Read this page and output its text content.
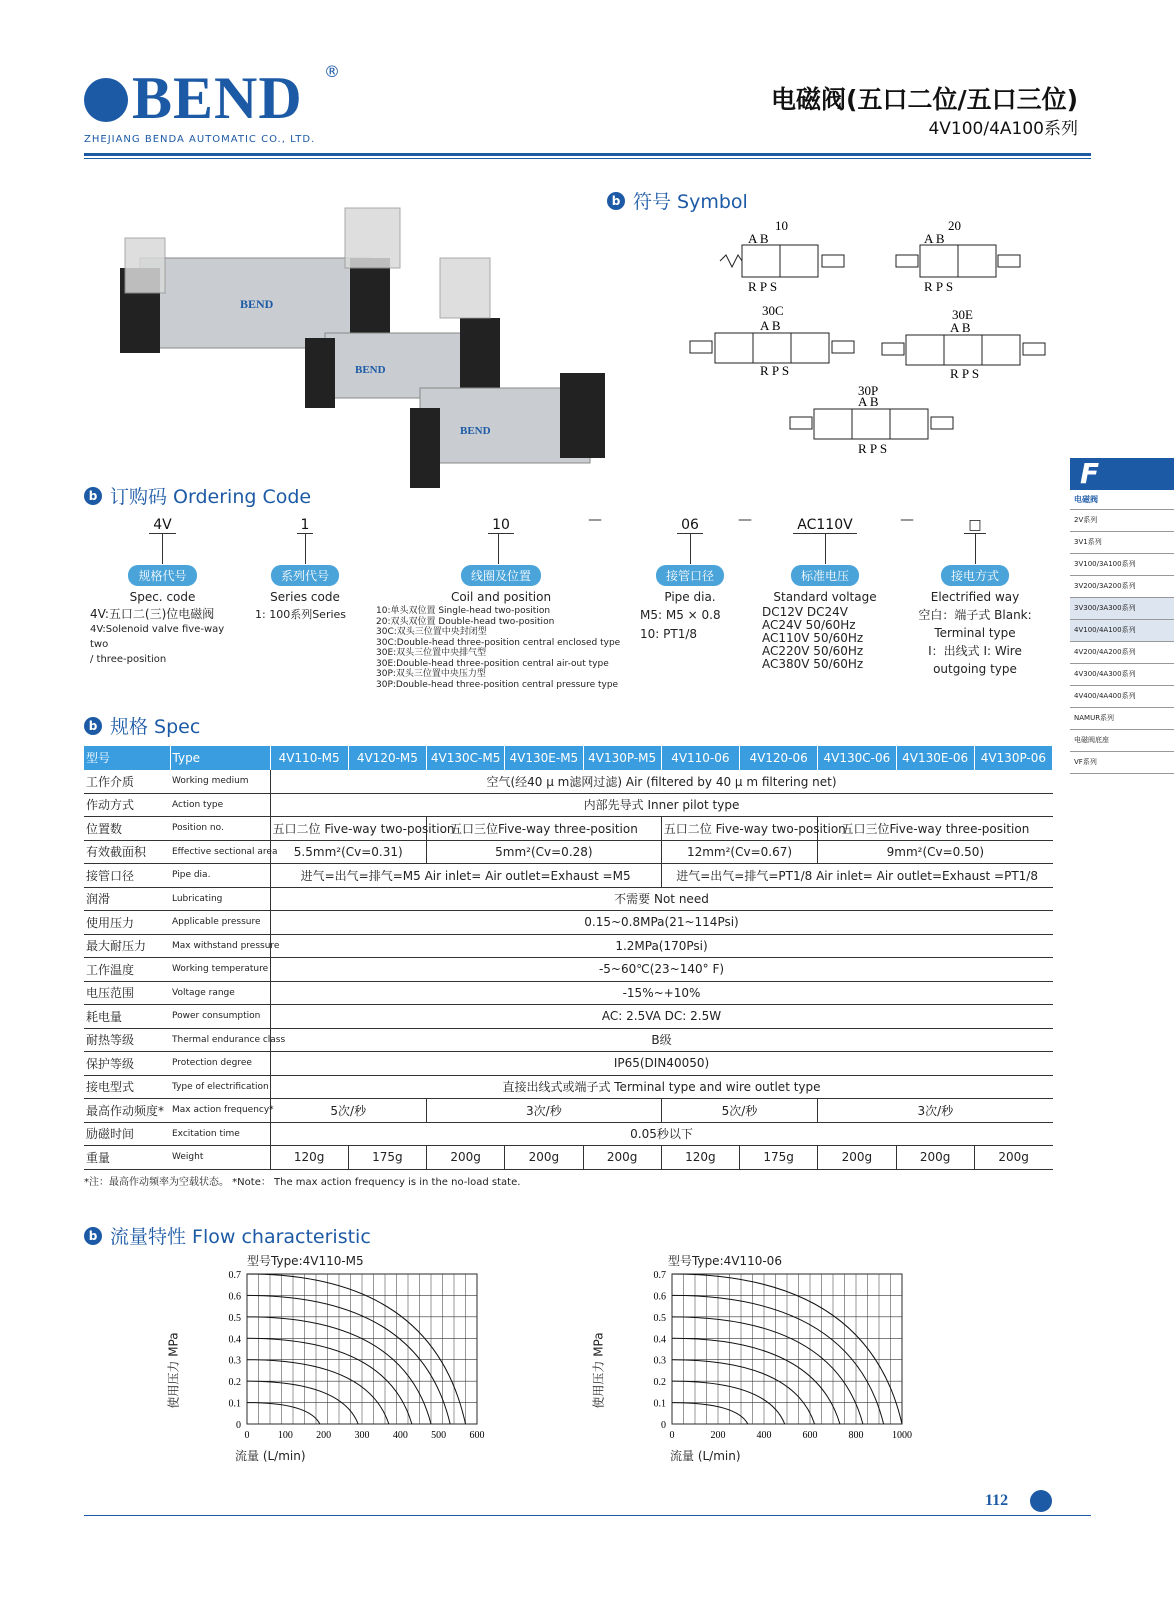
BEND ®
ZHEJIANG BENDA AUTOMATIC CO., LTD.
电磁阀(五口二位/五口三位)
4V100/4A100系列
BEND
BEND
BEND
b 符号 Symbol
10
A B
R P S
20
A B
R P S
30C
A B
R P S
30E
A B
R P S
30P
A B
R P S
b 订购码 Ordering Code
4V
规格代号
Spec. code
4V:五口二(三)位电磁阀
4V:Solenoid valve five-way two
/ three-position
1
系列代号
Series code
1: 100系列Series
10
线圈及位置
Coil and position
10:单头双位置 Single-head two-position
20:双头双位置 Double-head two-position
30C:双头三位置中央封闭型
30C:Double-head three-position central enclosed type
30E:双头三位置中央排气型
30E:Double-head three-position central air-out type
30P:双头三位置中央压力型
30P:Double-head three-position central pressure type
—	06
接管口径
Pipe dia.
M5: M5 × 0.8
10: PT1/8
—	AC110V
标准电压
Standard voltage
DC12V DC24V
AC24V 50/60Hz
AC110V 50/60Hz
AC220V 50/60Hz
AC380V 50/60Hz
—	□
接电方式
Electrified way
空白：端子式 Blank:
Terminal type
I：出线式 I: Wire
outgoing type
F
电磁阀
2V系列
3V1系列
3V100/3A100系列
3V200/3A200系列
3V300/3A300系列
4V100/4A100系列
4V200/4A200系列
4V300/4A300系列
4V400/4A400系列
NAMUR系列
电磁阀底座
VF系列
b 规格 Spec
型号	Type	4V110-M5	4V120-M5	4V130C-M5	4V130E-M5	4V130P-M5	4V110-06	4V120-06	4V130C-06	4V130E-06	4V130P-06
工作介质	Working medium	空气(经40 μ m滤网过滤) Air (filtered by 40 μ m filtering net)									
作动方式	Action type	内部先导式 Inner pilot type									
位置数	Position no.	五口二位 Five-way two-position		五口三位Five-way three-position			五口二位 Five-way two-position		五口三位Five-way three-position		
有效截面积	Effective sectional area	5.5mm²(Cv=0.31)		5mm²(Cv=0.28)			12mm²(Cv=0.67)		9mm²(Cv=0.50)		
接管口径	Pipe dia.	进气=出气=排气=M5 Air inlet= Air outlet=Exhaust =M5					进气=出气=排气=PT1/8 Air inlet= Air outlet=Exhaust =PT1/8				
润滑	Lubricating	不需要 Not need									
使用压力	Applicable pressure	0.15~0.8MPa(21~114Psi)									
最大耐压力	Max withstand pressure	1.2MPa(170Psi)									
工作温度	Working temperature	-5~60℃(23~140° F)									
电压范围	Voltage range	-15%~+10%									
耗电量	Power consumption	AC: 2.5VA DC: 2.5W									
耐热等级	Thermal endurance class	B级									
保护等级	Protection degree	IP65(DIN40050)									
接电型式	Type of electrification	直接出线式或端子式 Terminal type and wire outlet type									
最高作动频度*	Max action frequency*	5次/秒		3次/秒			5次/秒		3次/秒		
励磁时间	Excitation time	0.05秒以下									
重量	Weight	120g	175g	200g	200g	200g	120g	175g	200g	200g	200g
*注：最高作动频率为空载状态。 *Note： The max action frequency is in the no-load state.
b 流量特性 Flow characteristic
型号Type:4V110-M5
流量 (L/min)
使用压力 MPa
0
0.1
0.2
0.3
0.4
0.5
0.6
0.7
0	100 200 300 400 500 600
型号Type:4V110-06
流量 (L/min)
使用压力 MPa
0
0.1
0.2
0.3
0.4
0.5
0.6
0.7
0	200	400	600	800	1000
112
